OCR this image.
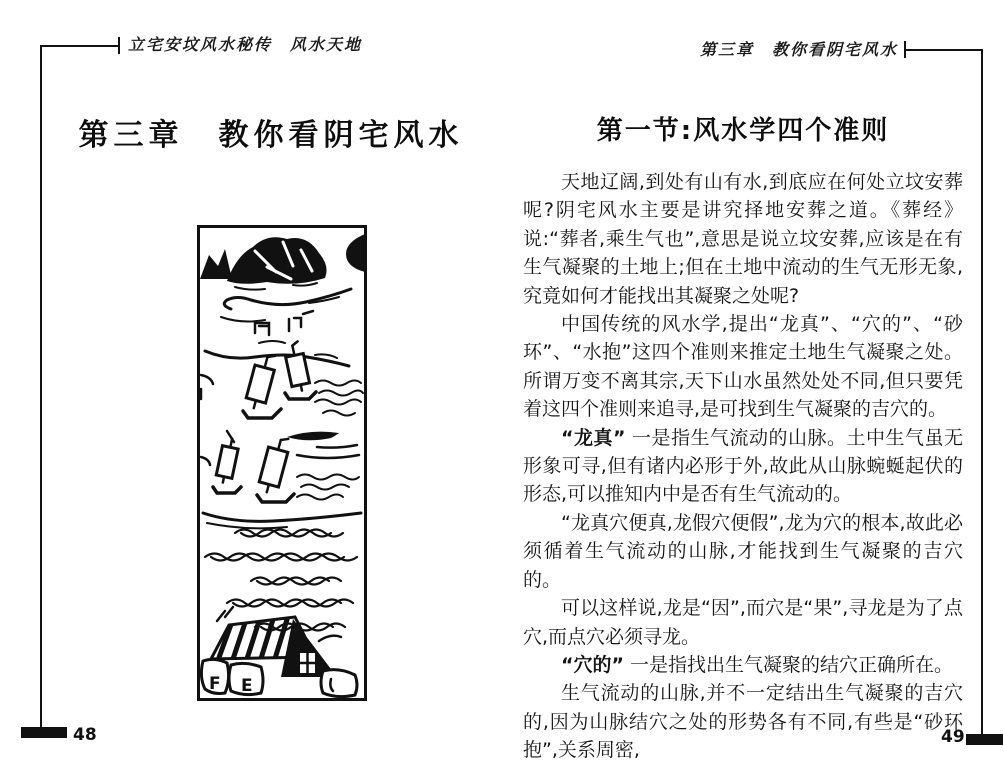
立宅安坟风水秘传　风水天地	第三章　教你看阴宅风水
第三章　教你看阴宅风水
F E
第一节:风水学四个准则

天地辽阔,到处有山有水,到底应在何处立坟安葬呢?阴宅风水主要是讲究择地安葬之道。《葬经》说:“葬者,乘生气也”,意思是说立坟安葬,应该是在有生气凝聚的土地上;但在土地中流动的生气无形无象,究竟如何才能找出其凝聚之处呢?

中国传统的风水学,提出“龙真”、“穴的”、“砂环”、“水抱”这四个准则来推定土地生气凝聚之处。所谓万变不离其宗,天下山水虽然处处不同,但只要凭着这四个准则来追寻,是可找到生气凝聚的吉穴的。

“龙真” 一是指生气流动的山脉。土中生气虽无形象可寻,但有诸内必形于外,故此从山脉蜿蜒起伏的形态,可以推知内中是否有生气流动的。

“龙真穴便真,龙假穴便假”,龙为穴的根本,故此必须循着生气流动的山脉,才能找到生气凝聚的吉穴的。

可以这样说,龙是“因”,而穴是“果”,寻龙是为了点穴,而点穴必须寻龙。

“穴的” 一是指找出生气凝聚的结穴正确所在。

生气流动的山脉,并不一定结出生气凝聚的吉穴的,因为山脉结穴之处的形势各有不同,有些是“砂环抱”,关系周密,

48	49
